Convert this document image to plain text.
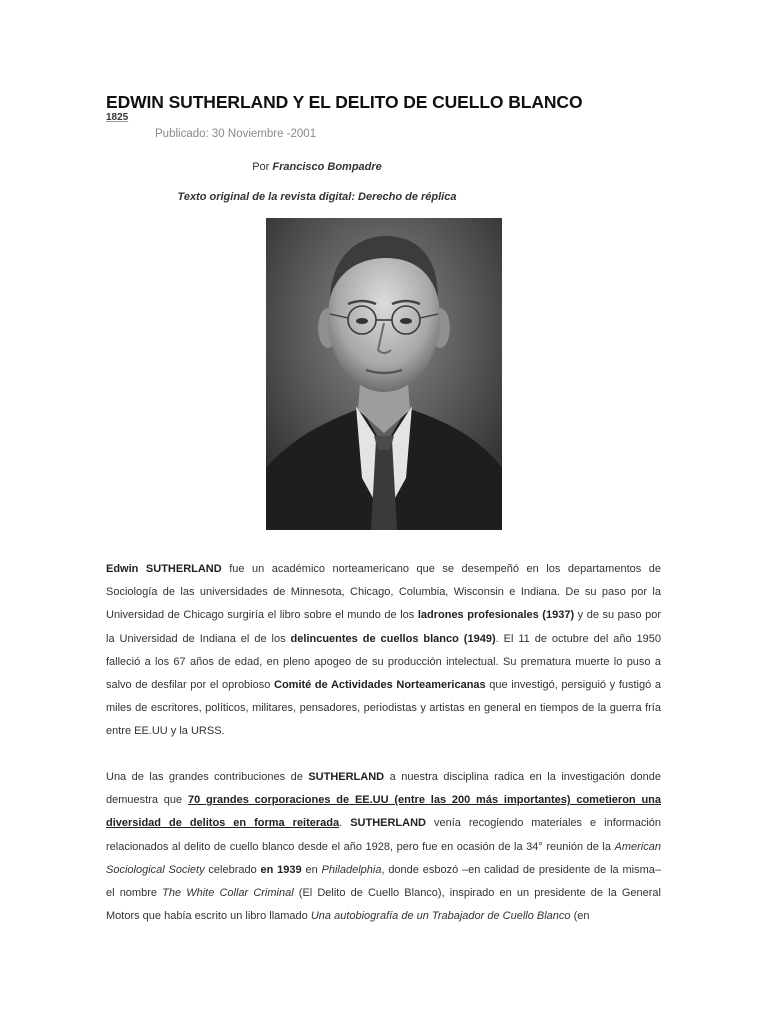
EDWIN SUTHERLAND Y EL DELITO DE CUELLO BLANCO
1825
Publicado: 30 Noviembre -2001
Por Francisco Bompadre
Texto original de la revista digital: Derecho de réplica

Edwin SUTHERLAND fue un académico norteamericano que se desempeñó en los departamentos de Sociología de las universidades de Minnesota, Chicago, Columbia, Wisconsin e Indiana. De su paso por la Universidad de Chicago surgiría el libro sobre el mundo de los ladrones profesionales (1937) y de su paso por la Universidad de Indiana el de los delincuentes de cuellos blanco (1949). El 11 de octubre del año 1950 falleció a los 67 años de edad, en pleno apogeo de su producción intelectual. Su prematura muerte lo puso a salvo de desfilar por el oprobioso Comité de Actividades Norteamericanas que investigó, persiguió y fustigó a miles de escritores, políticos, militares, pensadores, periodistas y artistas en general en tiempos de la guerra fría entre EE.UU y la URSS.

Una de las grandes contribuciones de SUTHERLAND a nuestra disciplina radica en la investigación donde demuestra que 70 grandes corporaciones de EE.UU (entre las 200 más importantes) cometieron una diversidad de delitos en forma reiterada. SUTHERLAND venía recogiendo materiales e información relacionados al delito de cuello blanco desde el año 1928, pero fue en ocasión de la 34° reunión de la American Sociological Society celebrado en 1939 en Philadelphia, donde esbozó –en calidad de presidente de la misma– el nombre The White Collar Criminal (El Delito de Cuello Blanco), inspirado en un presidente de la General Motors que había escrito un libro llamado Una autobiografía de un Trabajador de Cuello Blanco (en
